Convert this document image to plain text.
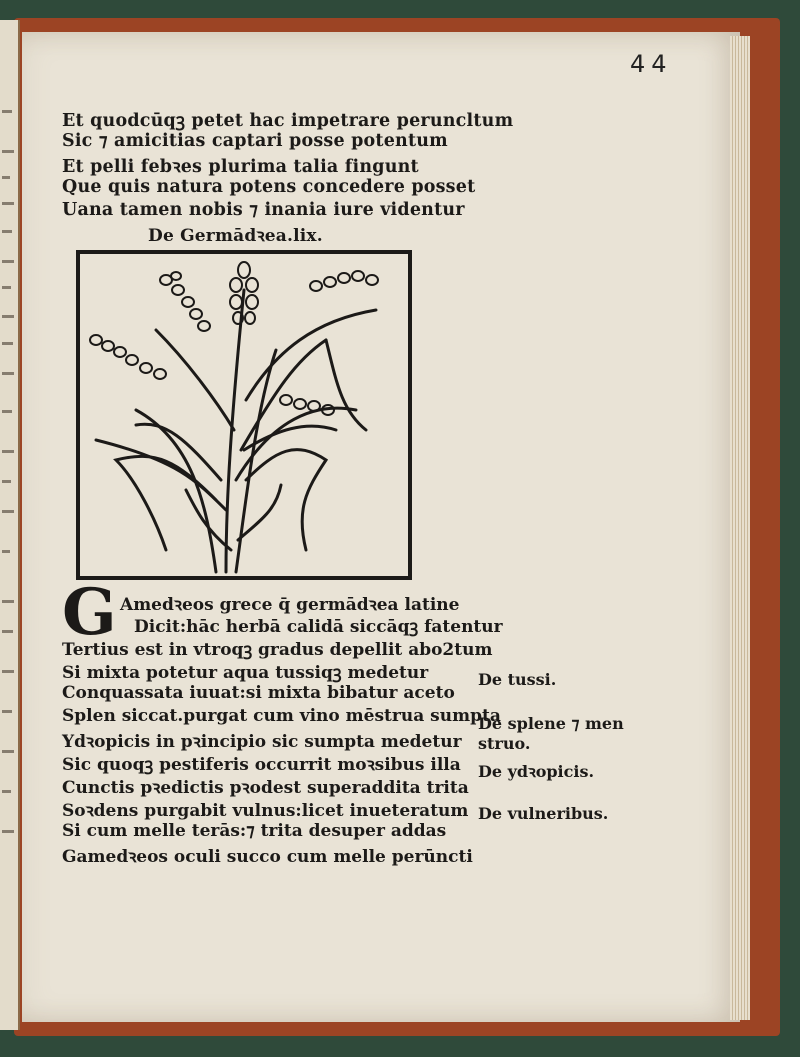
44
Et quodcūqꝫ petet hac impetrare peruncltum
Sic ⁊ amicitias captari posse potentum
Et pelli febꝛes plurima talia fingunt
Que quis natura potens concedere posset
Uana tamen nobis ⁊ inania iure videntur
De Germādꝛea.lix.
G Amedꝛeos grece q̄ germādꝛea latine
Dicit:hāc herbā calidā siccāqꝫ fatentur
Tertius est in vtroqꝫ gradus depellit abo2tum
Si mixta potetur aqua tussiqꝫ medetur
Conquassata iuuat:si mixta bibatur aceto
Splen siccat.purgat cum vino mēstrua sumpta
Ydꝛopicis in pꝛincipio sic sumpta medetur
Sic quoqꝫ pestiferis occurrit moꝛsibus illa
Cunctis pꝛedictis pꝛodest superaddita trita
Soꝛdens purgabit vulnus:licet inueteratum
Si cum melle terās:⁊ trita desuper addas
Gamedꝛeos oculi succo cum melle perūncti
De tussi.
De splene ⁊ men
struo.
De ydꝛopicis.
De vulneribus.
